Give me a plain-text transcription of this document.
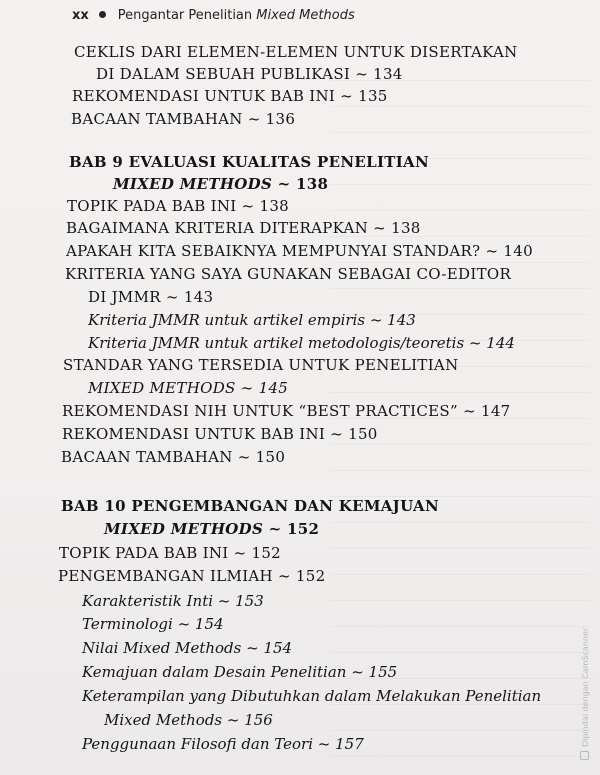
xx Pengantar Penelitian Mixed Methods
CEKLIS DARI ELEMEN-ELEMEN UNTUK DISERTAKAN
DI DALAM SEBUAH PUBLIKASI ~ 134
REKOMENDASI UNTUK BAB INI ~ 135
BACAAN TAMBAHAN ~ 136
BAB 9 EVALUASI KUALITAS PENELITIAN
MIXED METHODS ~ 138
TOPIK PADA BAB INI ~ 138
BAGAIMANA KRITERIA DITERAPKAN ~ 138
APAKAH KITA SEBAIKNYA MEMPUNYAI STANDAR? ~ 140
KRITERIA YANG SAYA GUNAKAN SEBAGAI CO-EDITOR
DI JMMR ~ 143
Kriteria JMMR untuk artikel empiris ~ 143
Kriteria JMMR untuk artikel metodologis/teoretis ~ 144
STANDAR YANG TERSEDIA UNTUK PENELITIAN
MIXED METHODS ~ 145
REKOMENDASI NIH UNTUK “BEST PRACTICES” ~ 147
REKOMENDASI UNTUK BAB INI ~ 150
BACAAN TAMBAHAN ~ 150
BAB 10 PENGEMBANGAN DAN KEMAJUAN
MIXED METHODS ~ 152
TOPIK PADA BAB INI ~ 152
PENGEMBANGAN ILMIAH ~ 152
Karakteristik Inti ~ 153
Terminologi ~ 154
Nilai Mixed Methods ~ 154
Kemajuan dalam Desain Penelitian ~ 155
Keterampilan yang Dibutuhkan dalam Melakukan Penelitian
Mixed Methods ~ 156
Penggunaan Filosofi dan Teori ~ 157	Dipindai dengan CamScanner
